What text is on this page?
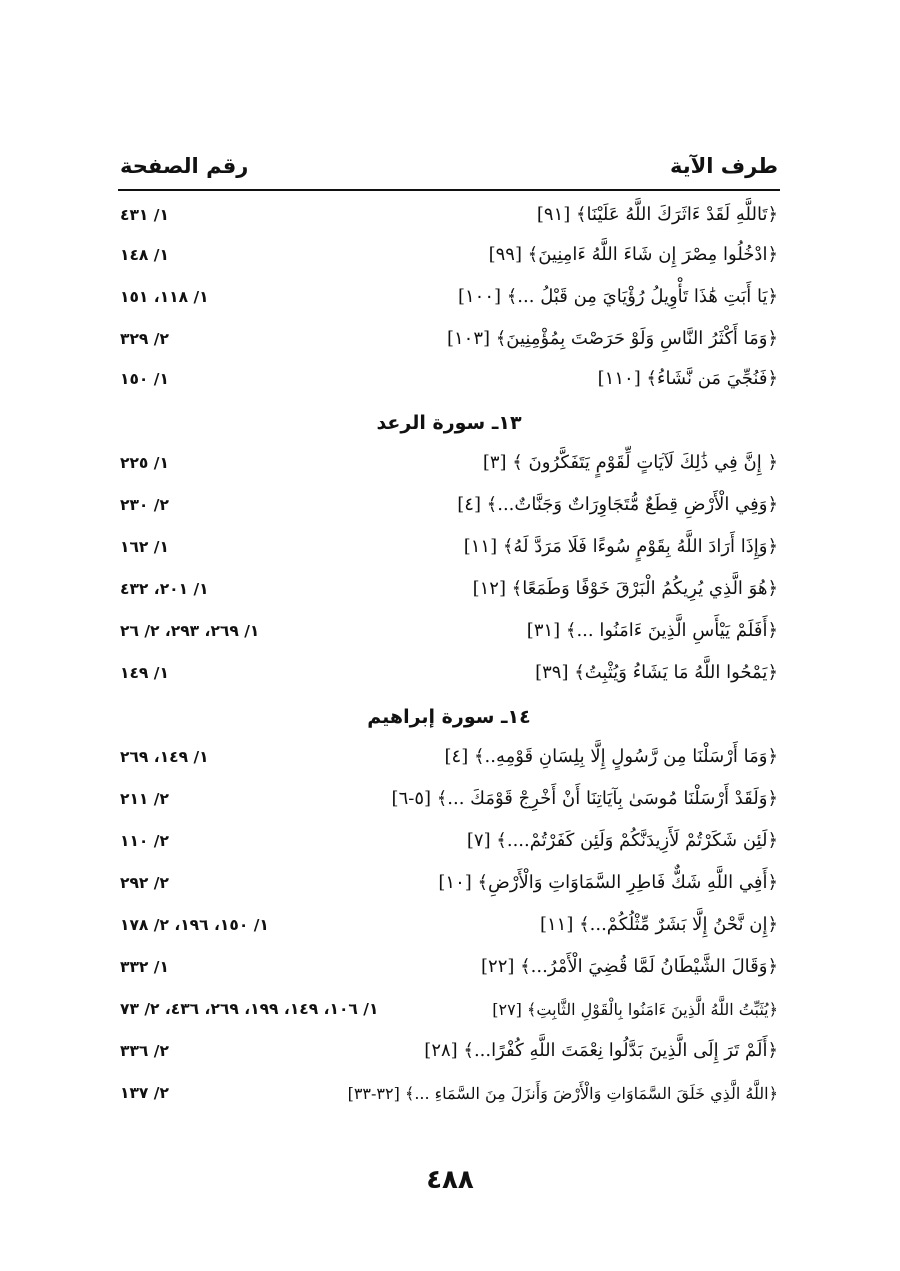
طرف الآية
رقم الصفحة
﴿تَاللَّهِ لَقَدْ ءَاثَرَكَ اللَّهُ عَلَيْنَا﴾ [٩١]
١/ ٤٣١
﴿ادْخُلُوا مِصْرَ إِن شَاءَ اللَّهُ ءَامِنِينَ﴾ [٩٩]
١/ ١٤٨
﴿يَا أَبَتِ هَٰذَا تَأْوِيلُ رُؤْيَايَ مِن قَبْلُ ...﴾ [١٠٠]
١/ ١١٨، ١٥١
﴿وَمَا أَكْثَرُ النَّاسِ وَلَوْ حَرَصْتَ بِمُؤْمِنِينَ﴾ [١٠٣]
٢/ ٣٢٩
﴿فَنُجِّيَ مَن نَّشَاءُ﴾ [١١٠]
١/ ١٥٠
١٣ـ سورة الرعد
﴿ إِنَّ فِي ذَٰلِكَ لَآيَاتٍ لِّقَوْمٍ يَتَفَكَّرُونَ ﴾ [٣]
١/ ٢٢٥
﴿وَفِي الْأَرْضِ قِطَعٌ مُّتَجَاوِرَاتٌ وَجَنَّاتٌ...﴾ [٤]
٢/ ٢٣٠
﴿وَإِذَا أَرَادَ اللَّهُ بِقَوْمٍ سُوءًا فَلَا مَرَدَّ لَهُ﴾ [١١]
١/ ١٦٢
﴿هُوَ الَّذِي يُرِيكُمُ الْبَرْقَ خَوْفًا وَطَمَعًا﴾ [١٢]
١/ ٢٠١، ٤٣٢
﴿أَفَلَمْ يَيْأَسِ الَّذِينَ ءَامَنُوا ...﴾ [٣١]
١/ ٢٦٩، ٢٩٣، ٢/ ٢٦
﴿يَمْحُوا اللَّهُ مَا يَشَاءُ وَيُثْبِتُ﴾ [٣٩]
١/ ١٤٩
١٤ـ سورة إبراهيم
﴿وَمَا أَرْسَلْنَا مِن رَّسُولٍ إِلَّا بِلِسَانِ قَوْمِهِ..﴾ [٤]
١/ ١٤٩، ٢٦٩
﴿وَلَقَدْ أَرْسَلْنَا مُوسَىٰ بِآيَاتِنَا أَنْ أَخْرِجْ قَوْمَكَ ...﴾ [٥-٦]
٢/ ٢١١
﴿لَئِن شَكَرْتُمْ لَأَزِيدَنَّكُمْ وَلَئِن كَفَرْتُمْ....﴾ [٧]
٢/ ١١٠
﴿أَفِي اللَّهِ شَكٌّ فَاطِرِ السَّمَاوَاتِ وَالْأَرْضِ﴾ [١٠]
٢/ ٢٩٢
﴿إِن نَّحْنُ إِلَّا بَشَرٌ مِّثْلُكُمْ...﴾ [١١]
١/ ١٥٠، ١٩٦، ٢/ ١٧٨
﴿وَقَالَ الشَّيْطَانُ لَمَّا قُضِيَ الْأَمْرُ...﴾ [٢٢]
١/ ٣٣٢
﴿يُثَبِّتُ اللَّهُ الَّذِينَ ءَامَنُوا بِالْقَوْلِ الثَّابِتِ﴾ [٢٧]
١/ ١٠٦، ١٤٩، ١٩٩، ٢٦٩، ٤٣٦، ٢/ ٧٣
﴿أَلَمْ تَرَ إِلَى الَّذِينَ بَدَّلُوا نِعْمَتَ اللَّهِ كُفْرًا...﴾ [٢٨]
٢/ ٣٣٦
﴿اللَّهُ الَّذِي خَلَقَ السَّمَاوَاتِ وَالْأَرْضَ وَأَنزَلَ مِنَ السَّمَاءِ ...﴾ [٣٢-٣٣]
٢/ ١٣٧
٤٨٨
